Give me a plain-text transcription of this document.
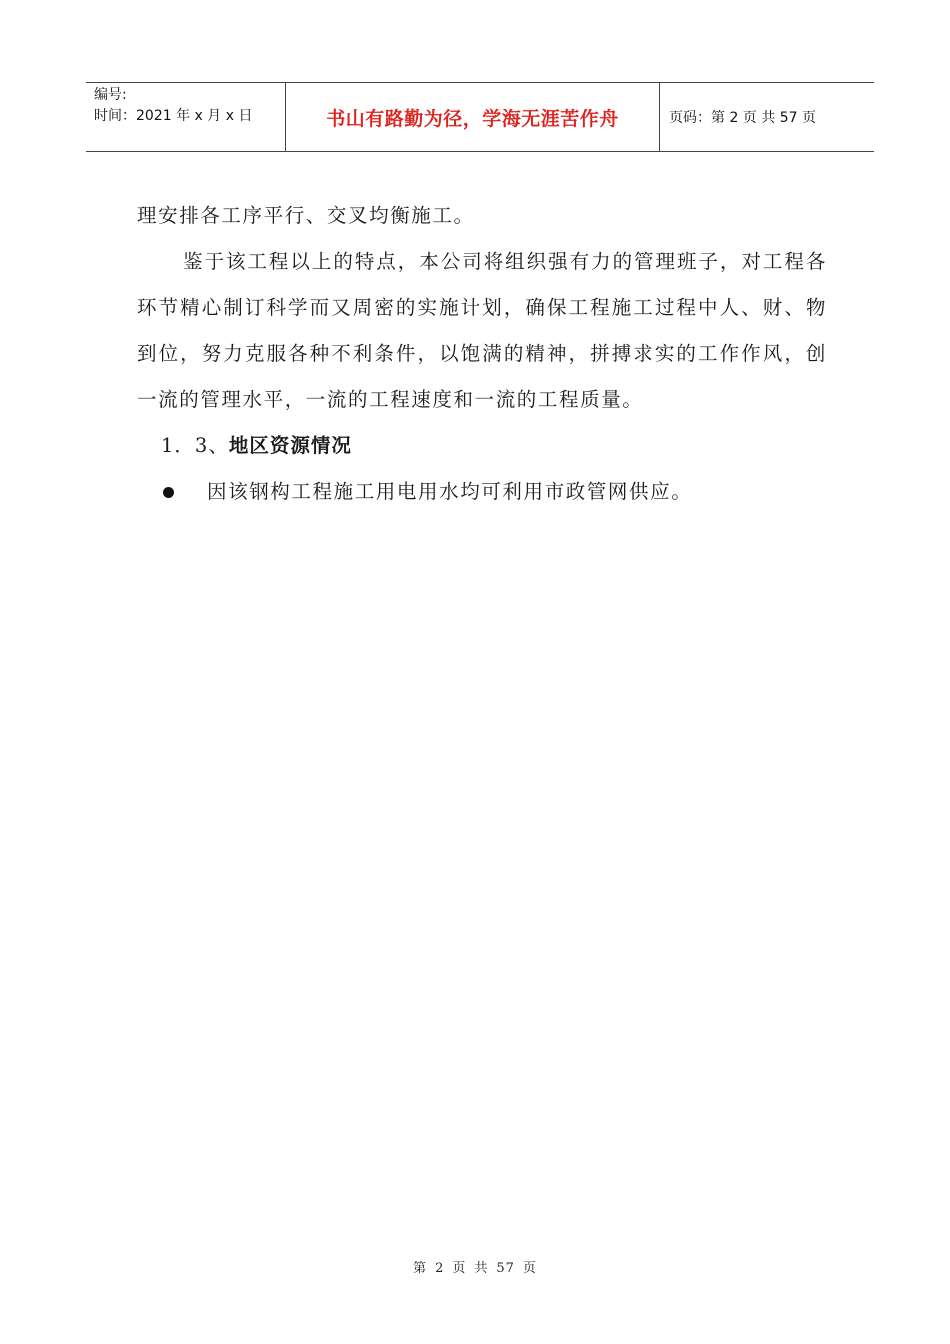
编号:
时间：2021 年 x 月 x 日	书山有路勤为径，学海无涯苦作舟	页码：第 2 页 共 57 页

理安排各工序平行、交叉均衡施工。

鉴于该工程以上的特点，本公司将组织强有力的管理班子，对工程各环节精心制订科学而又周密的实施计划，确保工程施工过程中人、财、物到位，努力克服各种不利条件，以饱满的精神，拼搏求实的工作作风，创一流的管理水平，一流的工程速度和一流的工程质量。

1．3、地区资源情况

因该钢构工程施工用电用水均可利用市政管网供应。
第 2 页 共 57 页
